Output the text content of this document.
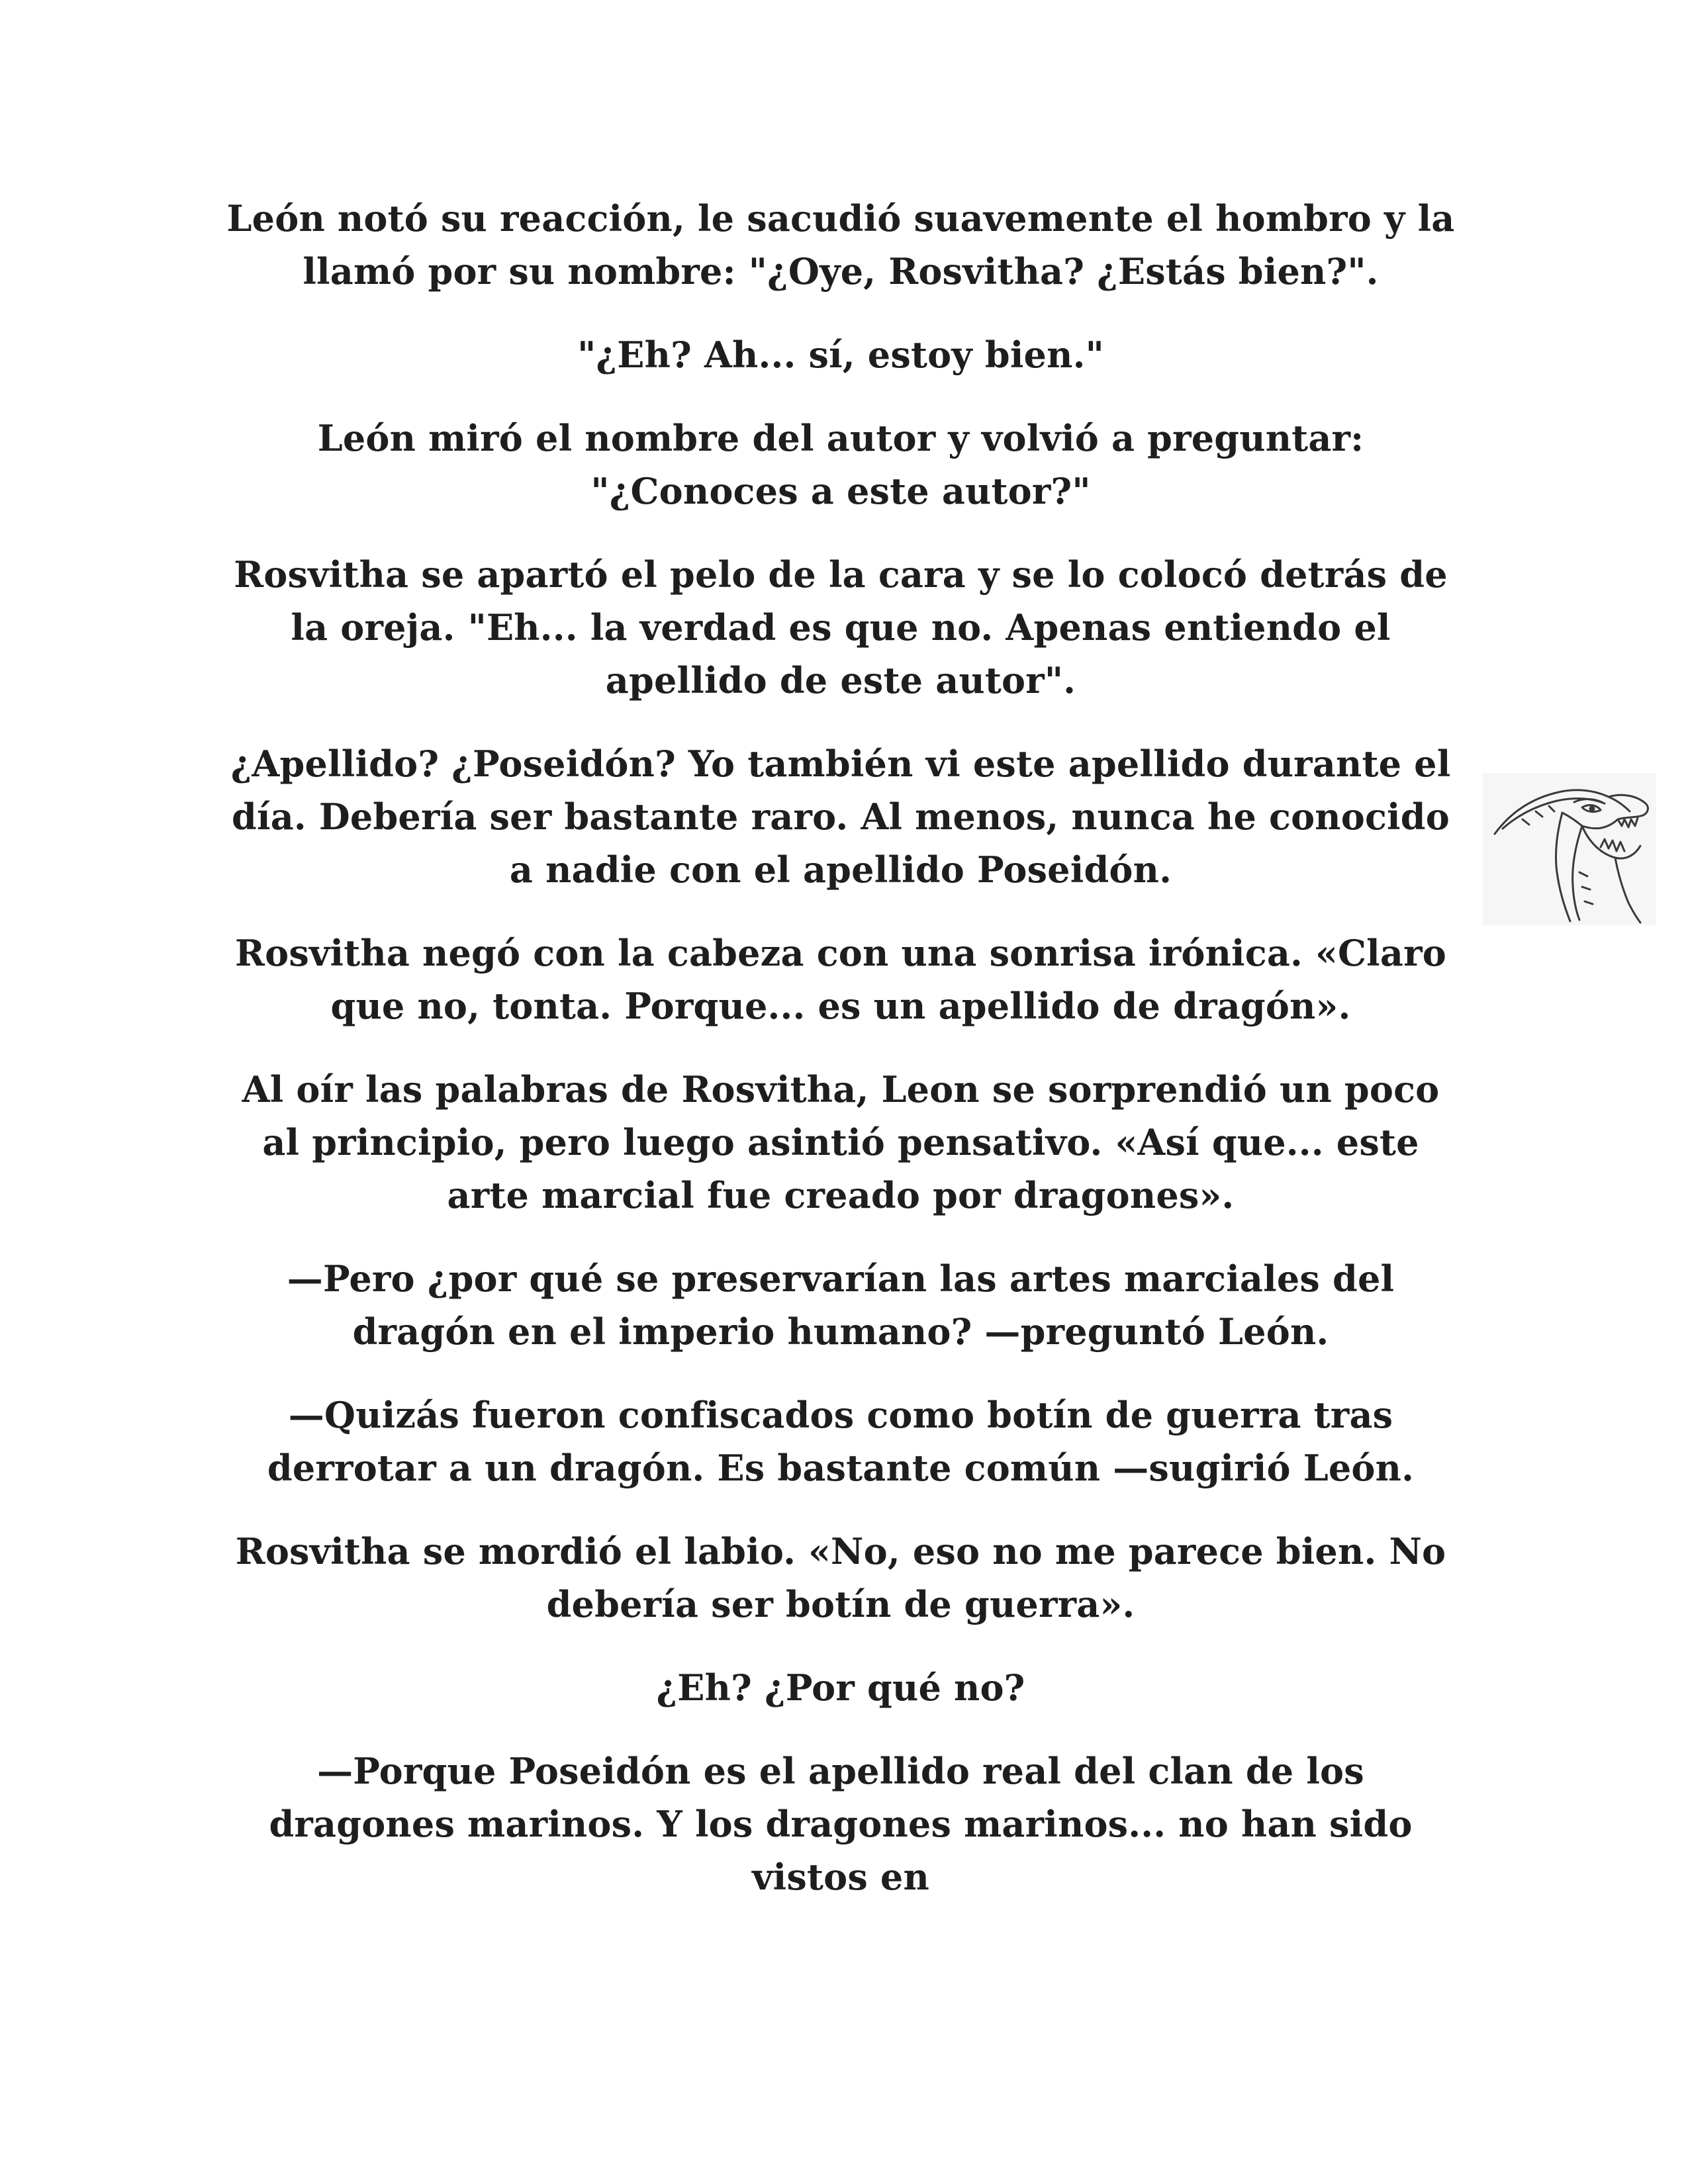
León notó su reacción, le sacudió suavemente el hombro y la llamó por su nombre: "¿Oye, Rosvitha? ¿Estás bien?".

"¿Eh? Ah... sí, estoy bien."

León miró el nombre del autor y volvió a preguntar: "¿Conoces a este autor?"

Rosvitha se apartó el pelo de la cara y se lo colocó detrás de la oreja. "Eh... la verdad es que no. Apenas entiendo el apellido de este autor".

¿Apellido? ¿Poseidón? Yo también vi este apellido durante el día. Debería ser bastante raro. Al menos, nunca he conocido a nadie con el apellido Poseidón.

Rosvitha negó con la cabeza con una sonrisa irónica. «Claro que no, tonta. Porque... es un apellido de dragón».

Al oír las palabras de Rosvitha, Leon se sorprendió un poco al principio, pero luego asintió pensativo. «Así que... este arte marcial fue creado por dragones».

—Pero ¿por qué se preservarían las artes marciales del dragón en el imperio humano? —preguntó León.

—Quizás fueron confiscados como botín de guerra tras derrotar a un dragón. Es bastante común —sugirió León.

Rosvitha se mordió el labio. «No, eso no me parece bien. No debería ser botín de guerra».

¿Eh? ¿Por qué no?

—Porque Poseidón es el apellido real del clan de los dragones marinos. Y los dragones marinos... no han sido vistos en
